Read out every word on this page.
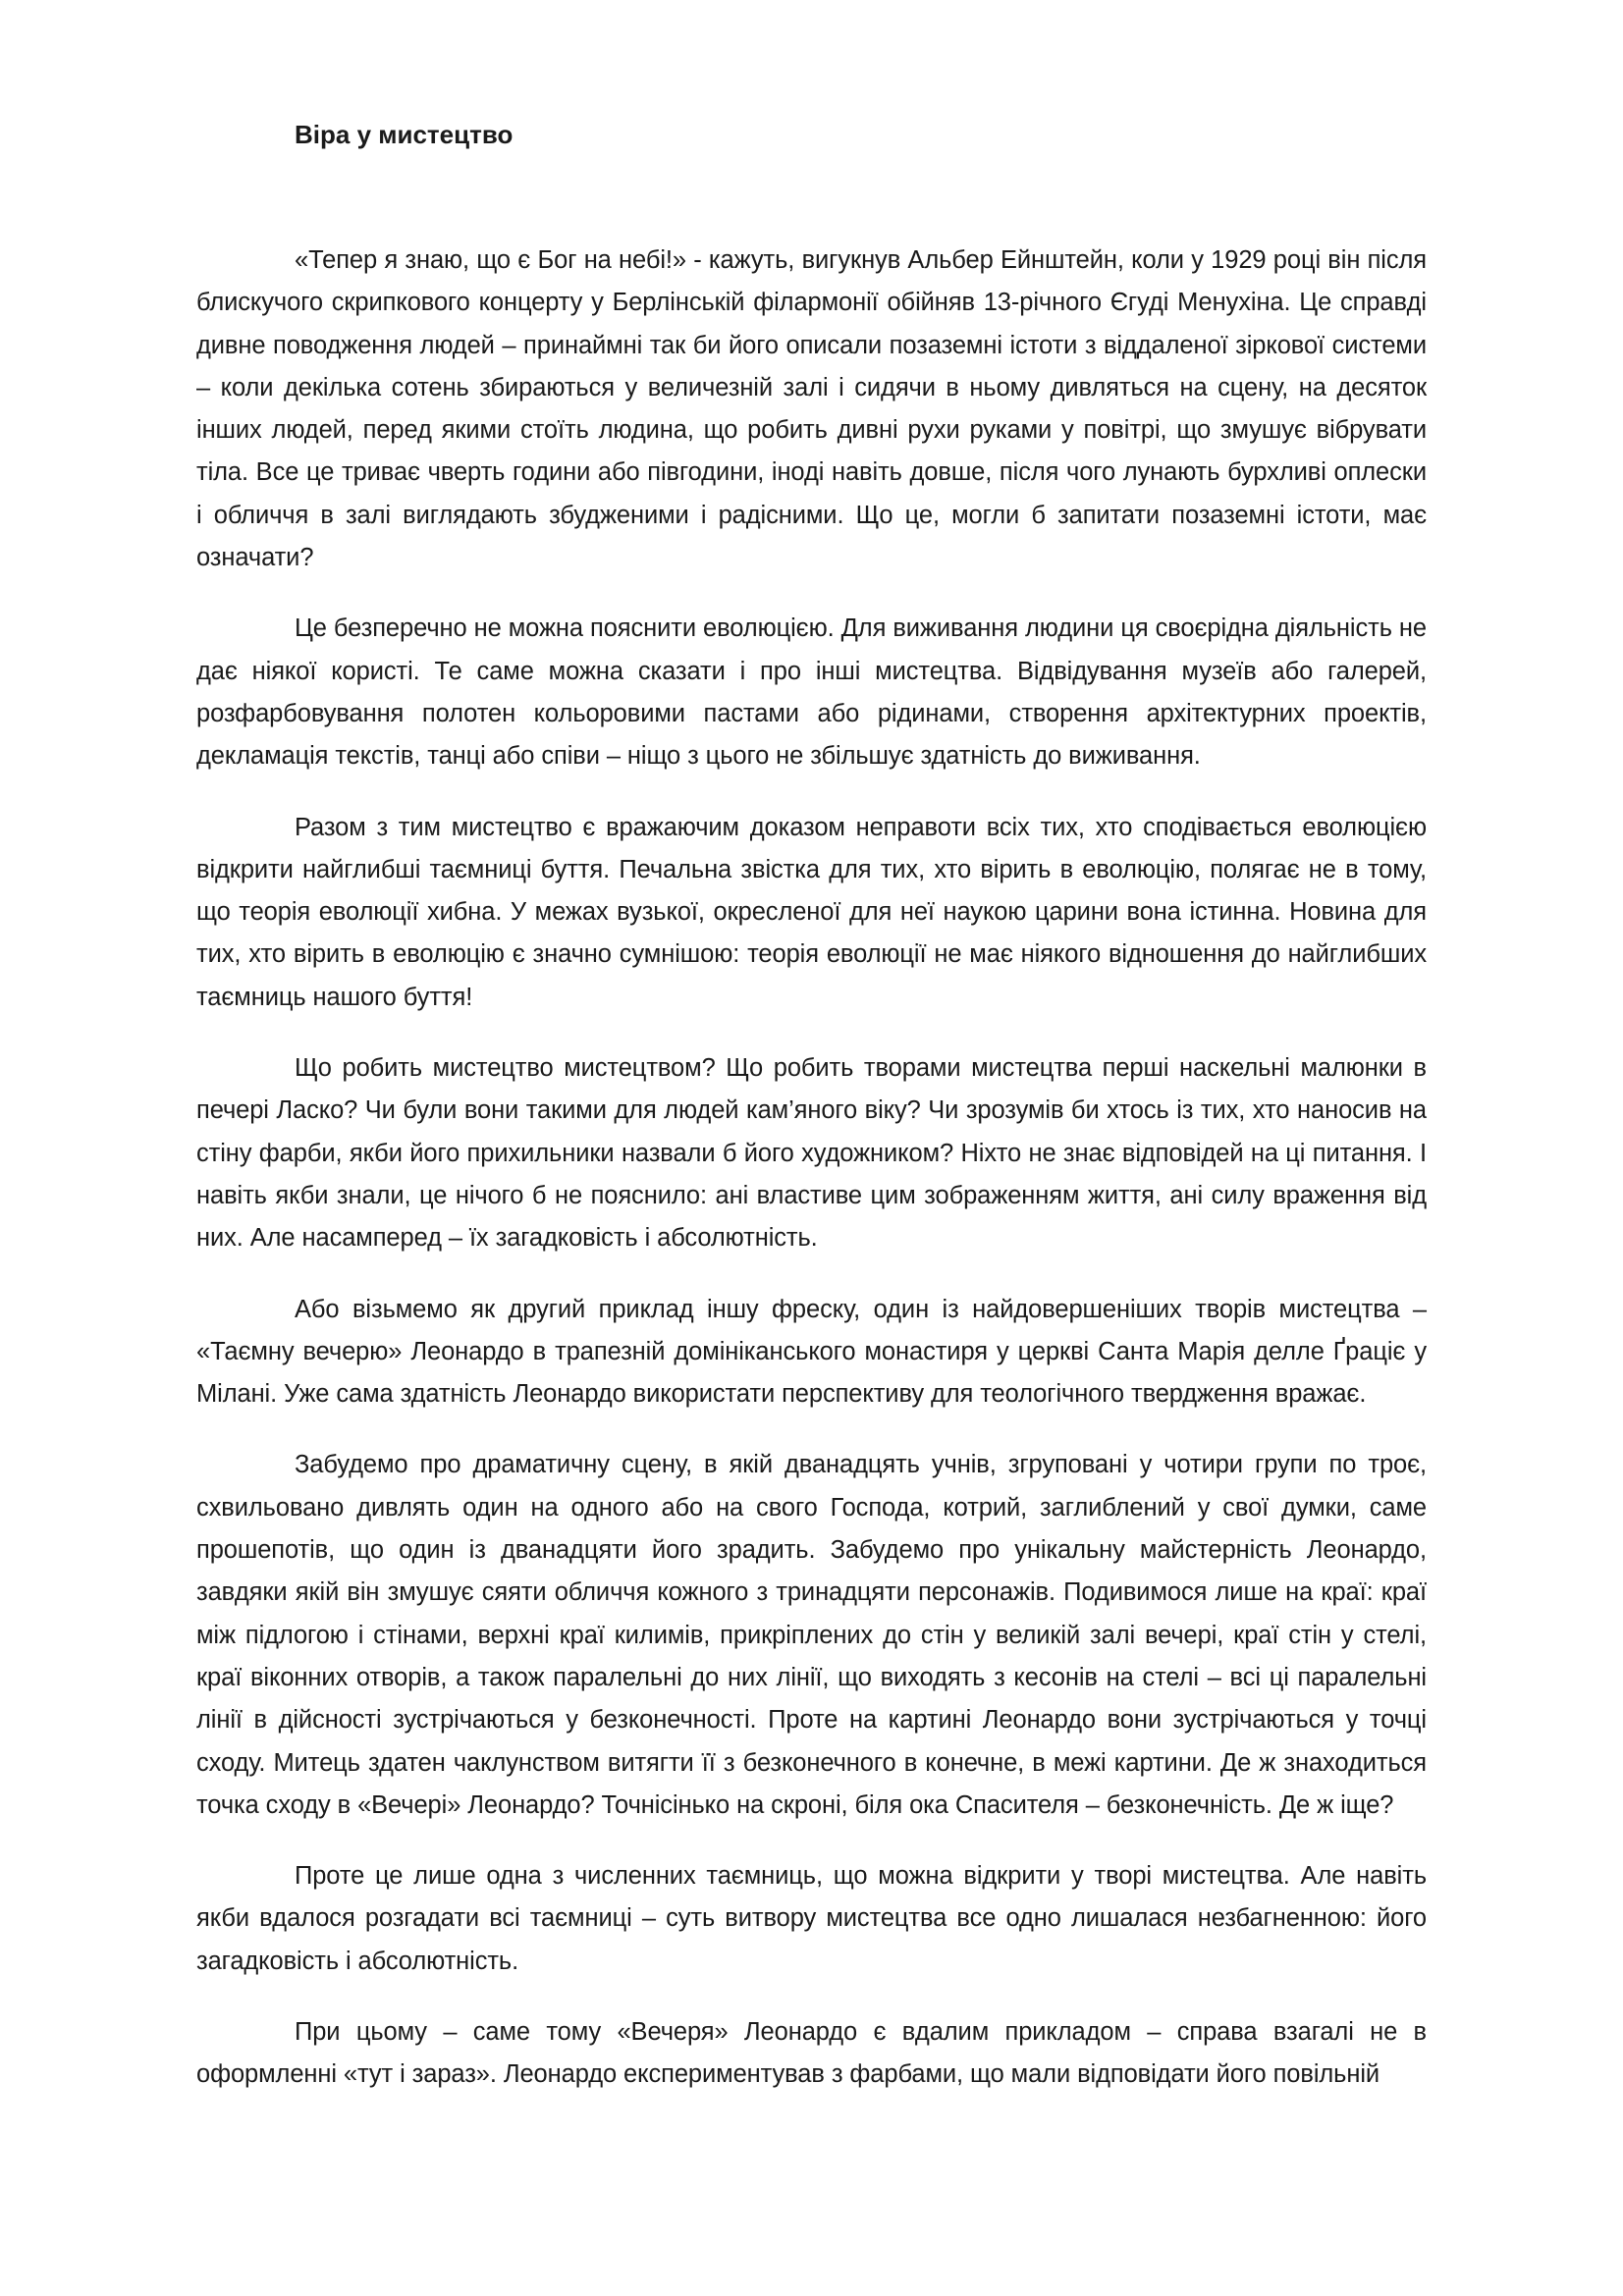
Віра у мистецтво

«Тепер я знаю, що є Бог на небі!» - кажуть, вигукнув Альбер Ейнштейн, коли у 1929 році він після блискучого скрипкового концерту у Берлінській філармонії обійняв 13-річного Єгуді Менухіна. Це справді дивне поводження людей – принаймні так би його описали позаземні істоти з віддаленої зіркової системи – коли декілька сотень збираються у величезній залі і сидячи в ньому дивляться на сцену, на десяток інших людей, перед якими стоїть людина, що робить дивні рухи руками у повітрі, що змушує вібрувати тіла. Все це триває чверть години або півгодини, іноді навіть довше, після чого лунають бурхливі оплески і обличчя в залі виглядають збудженими і радісними. Що це, могли б запитати позаземні істоти, має означати?

Це безперечно не можна пояснити еволюцією. Для виживання людини ця своєрідна діяльність не дає ніякої користі. Те саме можна сказати і про інші мистецтва. Відвідування музеїв або галерей, розфарбовування полотен кольоровими пастами або рідинами, створення архітектурних проектів, декламація текстів, танці або співи – ніщо з цього не збільшує здатність до виживання.

Разом з тим мистецтво є вражаючим доказом неправоти всіх тих, хто сподівається еволюцією відкрити найглибші таємниці буття. Печальна звістка для тих, хто вірить в еволюцію, полягає не в тому, що теорія еволюції хибна. У межах вузької, окресленої для неї наукою царини вона істинна. Новина для тих, хто вірить в еволюцію є значно сумнішою: теорія еволюції не має ніякого відношення до найглибших таємниць нашого буття!

Що робить мистецтво мистецтвом? Що робить творами мистецтва перші наскельні малюнки в печері Ласко? Чи були вони такими для людей кам’яного віку? Чи зрозумів би хтось із тих, хто наносив на стіну фарби, якби його прихильники назвали б його художником? Ніхто не знає відповідей на ці питання. І навіть якби знали, це нічого б не пояснило: ані властиве цим зображенням життя, ані силу враження від них. Але насамперед – їх загадковість і абсолютність.

Або візьмемо як другий приклад іншу фреску, один із найдовершеніших творів мистецтва – «Таємну вечерю» Леонардо в трапезній домініканського монастиря у церкві Санта Марія делле Ґраціє у Мілані. Уже сама здатність Леонардо використати перспективу для теологічного твердження вражає.

Забудемо про драматичну сцену, в якій дванадцять учнів, згруповані у чотири групи по троє, схвильовано дивлять один на одного або на свого Господа, котрий, заглиблений у свої думки, саме прошепотів, що один із дванадцяти його зрадить. Забудемо про унікальну майстерність Леонардо, завдяки якій він змушує сяяти обличчя кожного з тринадцяти персонажів. Подивимося лише на краї: краї між підлогою і стінами, верхні краї килимів, прикріплених до стін у великій залі вечері, краї стін у стелі, краї віконних отворів, а також паралельні до них лінії, що виходять з кесонів на стелі – всі ці паралельні лінії в дійсності зустрічаються у безконечності. Проте на картині Леонардо вони зустрічаються у точці сходу. Митець здатен чаклунством витягти її з безконечного в конечне, в межі картини. Де ж знаходиться точка сходу в «Вечері» Леонардо? Точнісінько на скроні, біля ока Спасителя – безконечність. Де ж іще?

Проте це лише одна з численних таємниць, що можна відкрити у творі мистецтва. Але навіть якби вдалося розгадати всі таємниці – суть витвору мистецтва все одно лишалася незбагненною: його загадковість і абсолютність.

При цьому – саме тому «Вечеря» Леонардо є вдалим прикладом – справа взагалі не в оформленні «тут і зараз». Леонардо експериментував з фарбами, що мали відповідати його повільній
